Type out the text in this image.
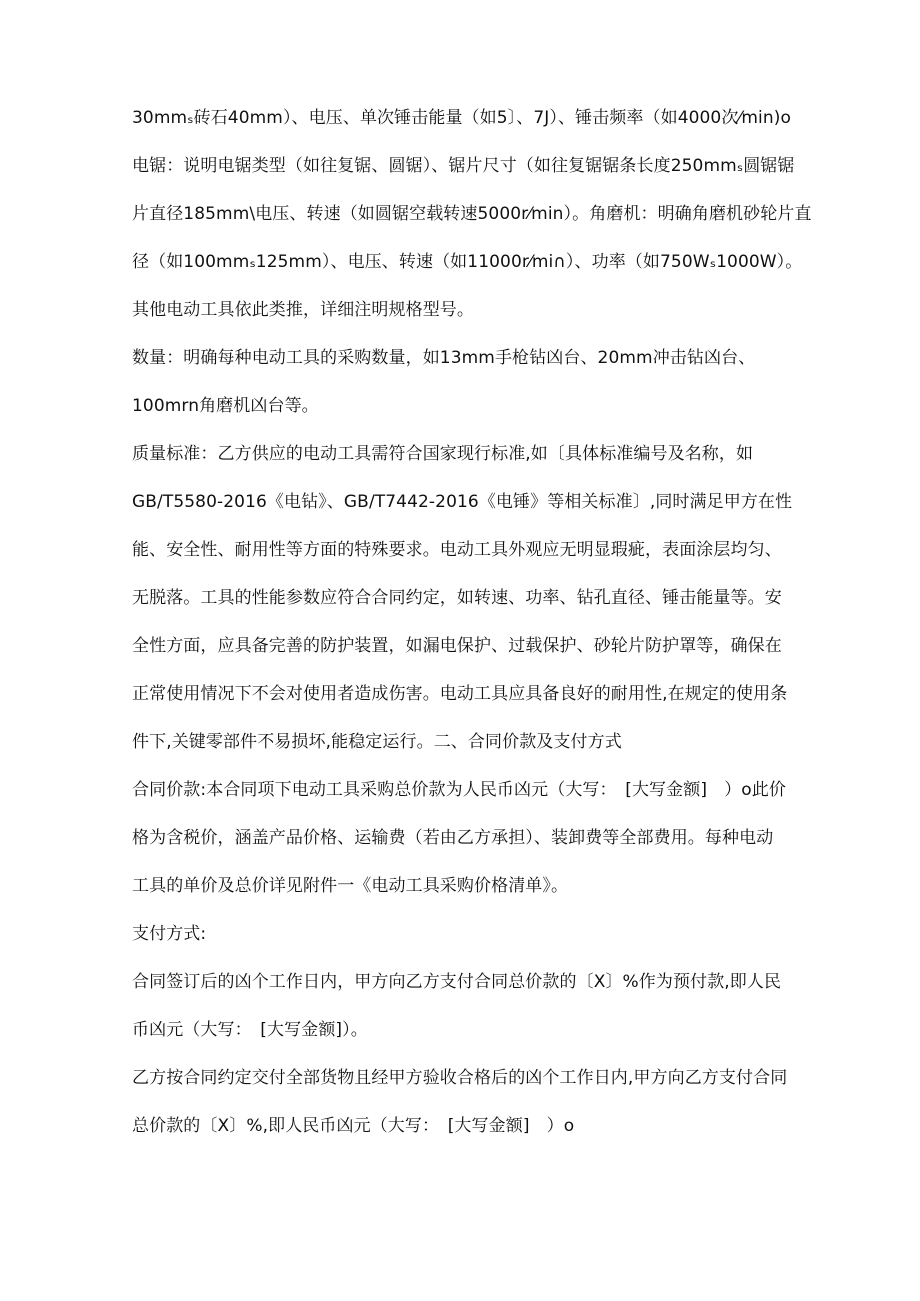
30mmₛ砖石40mm）、电压、单次锤击能量（如5〕、7J）、锤击频率（如4000次⁄min)o
电锯：说明电锯类型（如往复锯、圆锯）、锯片尺寸（如往复锯锯条长度250mmₛ圆锯锯
片直径185mm\电压、转速（如圆锯空载转速5000r⁄min）。角磨机：明确角磨机砂轮片直
径（如100mmₛ125mm）、电压、转速（如11000r⁄mi∩）、功率（如750Wₛ1000W）。
其他电动工具依此类推，详细注明规格型号。
数量：明确每种电动工具的采购数量，如13mm手枪钻凶台、20mm冲击钻凶台、
100mrn角磨机凶台等。
质量标准：乙方供应的电动工具需符合国家现行标准,如〔具体标准编号及名称，如
GB/T5580-2016《电钻》、GB/T7442-2016《电锤》等相关标准〕,同时满足甲方在性
能、安全性、耐用性等方面的特殊要求。电动工具外观应无明显瑕疵，表面涂层均匀、
无脱落。工具的性能参数应符合合同约定，如转速、功率、钻孔直径、锤击能量等。安
全性方面，应具备完善的防护装置，如漏电保护、过载保护、砂轮片防护罩等，确保在
正常使用情况下不会对使用者造成伤害。电动工具应具备良好的耐用性,在规定的使用条
件下,关键零部件不易损坏,能稳定运行。二、合同价款及支付方式
合同价款:本合同项下电动工具采购总价款为人民币凶元（大写：　[大写金额]　）o此价
格为含税价，涵盖产品价格、运输费（若由乙方承担）、装卸费等全部费用。每种电动
工具的单价及总价详见附件一《电动工具采购价格清单》。
支付方式:
合同签订后的凶个工作日内，甲方向乙方支付合同总价款的〔X〕%作为预付款,即人民
币凶元（大写：　[大写金额]）。
乙方按合同约定交付全部货物且经甲方验收合格后的凶个工作日内,甲方向乙方支付合同
总价款的〔X〕%,即人民币凶元（大写：　[大写金额]　）o
